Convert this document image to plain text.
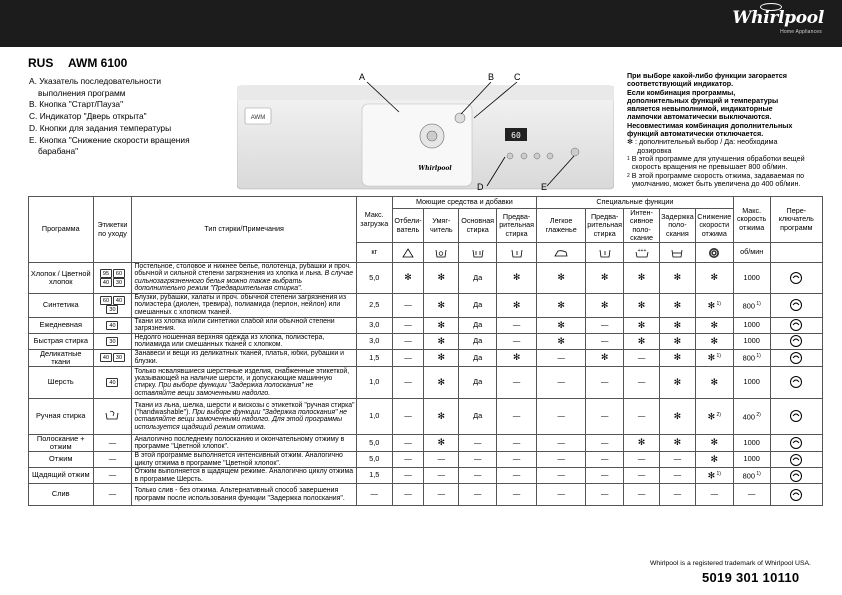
Whirlpool
Home Appliances
RUS AWM 6100
A. Указатель последовательности
выполнения программ
B. Кнопка "Старт/Пауза"
C. Индикатор "Дверь открыта"
D. Кнопки для задания температуры
E. Кнопка "Снижение скорости вращения
барабана"
AWM
60
Whirlpool
A	B C
D	E
При выборе какой-либо функции загорается
соответствующий индикатор.
Если комбинация программы,
дополнительных функций и температуры
является невыполнимой, индикаторные
лампочки автоматически выключаются.
Несовместимая комбинация дополнительных
функций автоматически отключается.
✻ : дополнительный выбор / Да: необходима
дозировка
1
В этой программе для улучшения обработки вещей скорость вращения не превышает 800 об/мин.
2
В этой программе скорость отжима, задаваемая по умолчанию, может быть увеличена до 400 об/мин.
Программа	Этикетки по уходу	Тип стирки/Примечания	Макс. загрузка	Моющие средства и добавки				Специальные функции					Макс. скорость отжима	Пере- ключатель программ
				Отбели- ватель	Умяг- читель	Основная стирка	Предва- рительная стирка	Легкое глаженье	Предва- рительная стирка	Интен- сивное поло- скание	Задержка поло- скания	Снижение скорости отжима		
			кг							+++			об/мин	
Хлопок / Цветной хлопок	95 60
40 30	Постельное, столовое и нижнее белье, полотенца, рубашки и проч. обычной и сильной степени загрязнения из хлопка и льна. В случае сильнозагрязненного белья можно также выбрать дополнительно режим "Предварительная стирка".	5,0	✻	✻	Да	✻	✻	✻	✻	✻	✻	1000	

Синтетика	60 4030	Блузки, рубашки, халаты и проч. обычной степени загрязнения из полиэстера (диолен, тревира), полиамида (перлон, нейлон) или смешанных с хлопком тканей.	2,5	—	✻	Да	✻	✻	✻	✻	✻	✻ $^{1)}$	800 $^{1)}$	

Ежедневная	40	Ткани из хлопка и/или синтетики слабой или обычной степени загрязнения.	3,0	—	✻	Да	—	✻	—	✻	✻	✻	1000	

Быстрая стирка	30	Недолго ношенная верхняя одежда из хлопка, полиэстера, полиамида или смешанных тканей с хлопком.	3,0	—	✻	Да	—	✻	—	✻	✻	✻	1000	

Деликатные ткани	40 30	Занавеси и вещи из деликатных тканей, платья, юбки, рубашки и блузки.	1,5	—	✻	Да	✻	—	✻	—	✻	✻ $^{1)}$	800 $^{1)}$	

Шерсть	40	Только нсвалявшиеся шерстяные изделия, снабженные этикеткой, указывающей на наличие шерсти, и допускающие машинную стирку. При выборе функции "Задержка полоскания" не оставляйте вещи замоченными надолго.	1,0	—	✻	Да	—	—	—	—	✻	✻	1000	

Ручная стирка		Ткани из льна, шелка, шерсти и вискозы с этикеткой "ручная стирка" ("handwashable"). При выборе функции "Задержка полоскания" не оставляйте вещи замоченными надолго. Для этой программы используется щадящий режим отжима.	1,0	—	✻	Да	—	—	—	—	✻	✻ $^{2)}$	400 $^{2)}$	

Полоскание + отжим	—	Аналогично последнему полосканию и окончательному отжиму в программе "Цветной хлопок".	5,0	—	✻	—	—	—	—	✻	✻	✻	1000	

Отжим	—	В этой программе выполняется интенсивный отжим. Аналогично циклу отжима в программе "Цветной хлопок".	5,0	—	—	—	—	—	—	—	—	✻	1000	

Щадящий отжим	—	Отжим выполняется в щадящем режиме. Аналогично циклу отжима в программе Шерсть.	1,5	—	—	—	—	—	—	—	—	✻ $^{1)}$	800 $^{1)}$	

Слив	—	Только слив - без отжима. Альтернативный способ завершения программ после использования функции "Задержка полоскания".	—	—	—	—	—	—	—	—	—	—	—	
Whirlpool is a registered trademark of Whirlpool USA.
5019 301 10110
